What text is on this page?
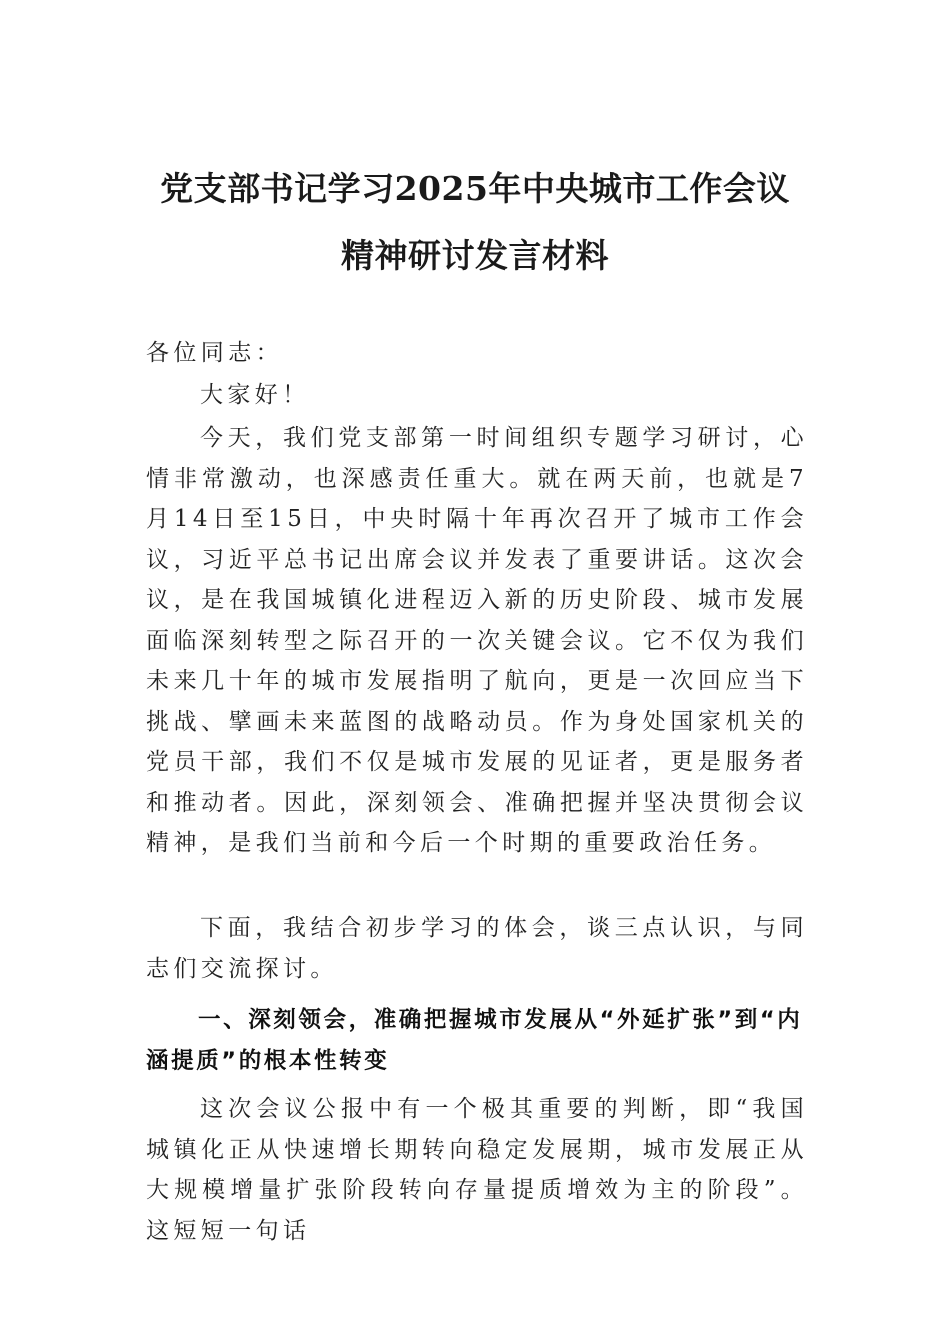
党支部书记学习2025年中央城市工作会议
精神研讨发言材料

各位同志：

大家好！

今天，我们党支部第一时间组织专题学习研讨，心情非常激动，也深感责任重大。就在两天前，也就是7月14日至15日，中央时隔十年再次召开了城市工作会议，习近平总书记出席会议并发表了重要讲话。这次会议，是在我国城镇化进程迈入新的历史阶段、城市发展面临深刻转型之际召开的一次关键会议。它不仅为我们未来几十年的城市发展指明了航向，更是一次回应当下挑战、擘画未来蓝图的战略动员。作为身处国家机关的党员干部，我们不仅是城市发展的见证者，更是服务者和推动者。因此，深刻领会、准确把握并坚决贯彻会议精神，是我们当前和今后一个时期的重要政治任务。

下面，我结合初步学习的体会，谈三点认识，与同志们交流探讨。

一、深刻领会，准确把握城市发展从“外延扩张”到“内涵提质”的根本性转变

这次会议公报中有一个极其重要的判断，即“我国城镇化正从快速增长期转向稳定发展期，城市发展正从大规模增量扩张阶段转向存量提质增效为主的阶段”。这短短一句话
